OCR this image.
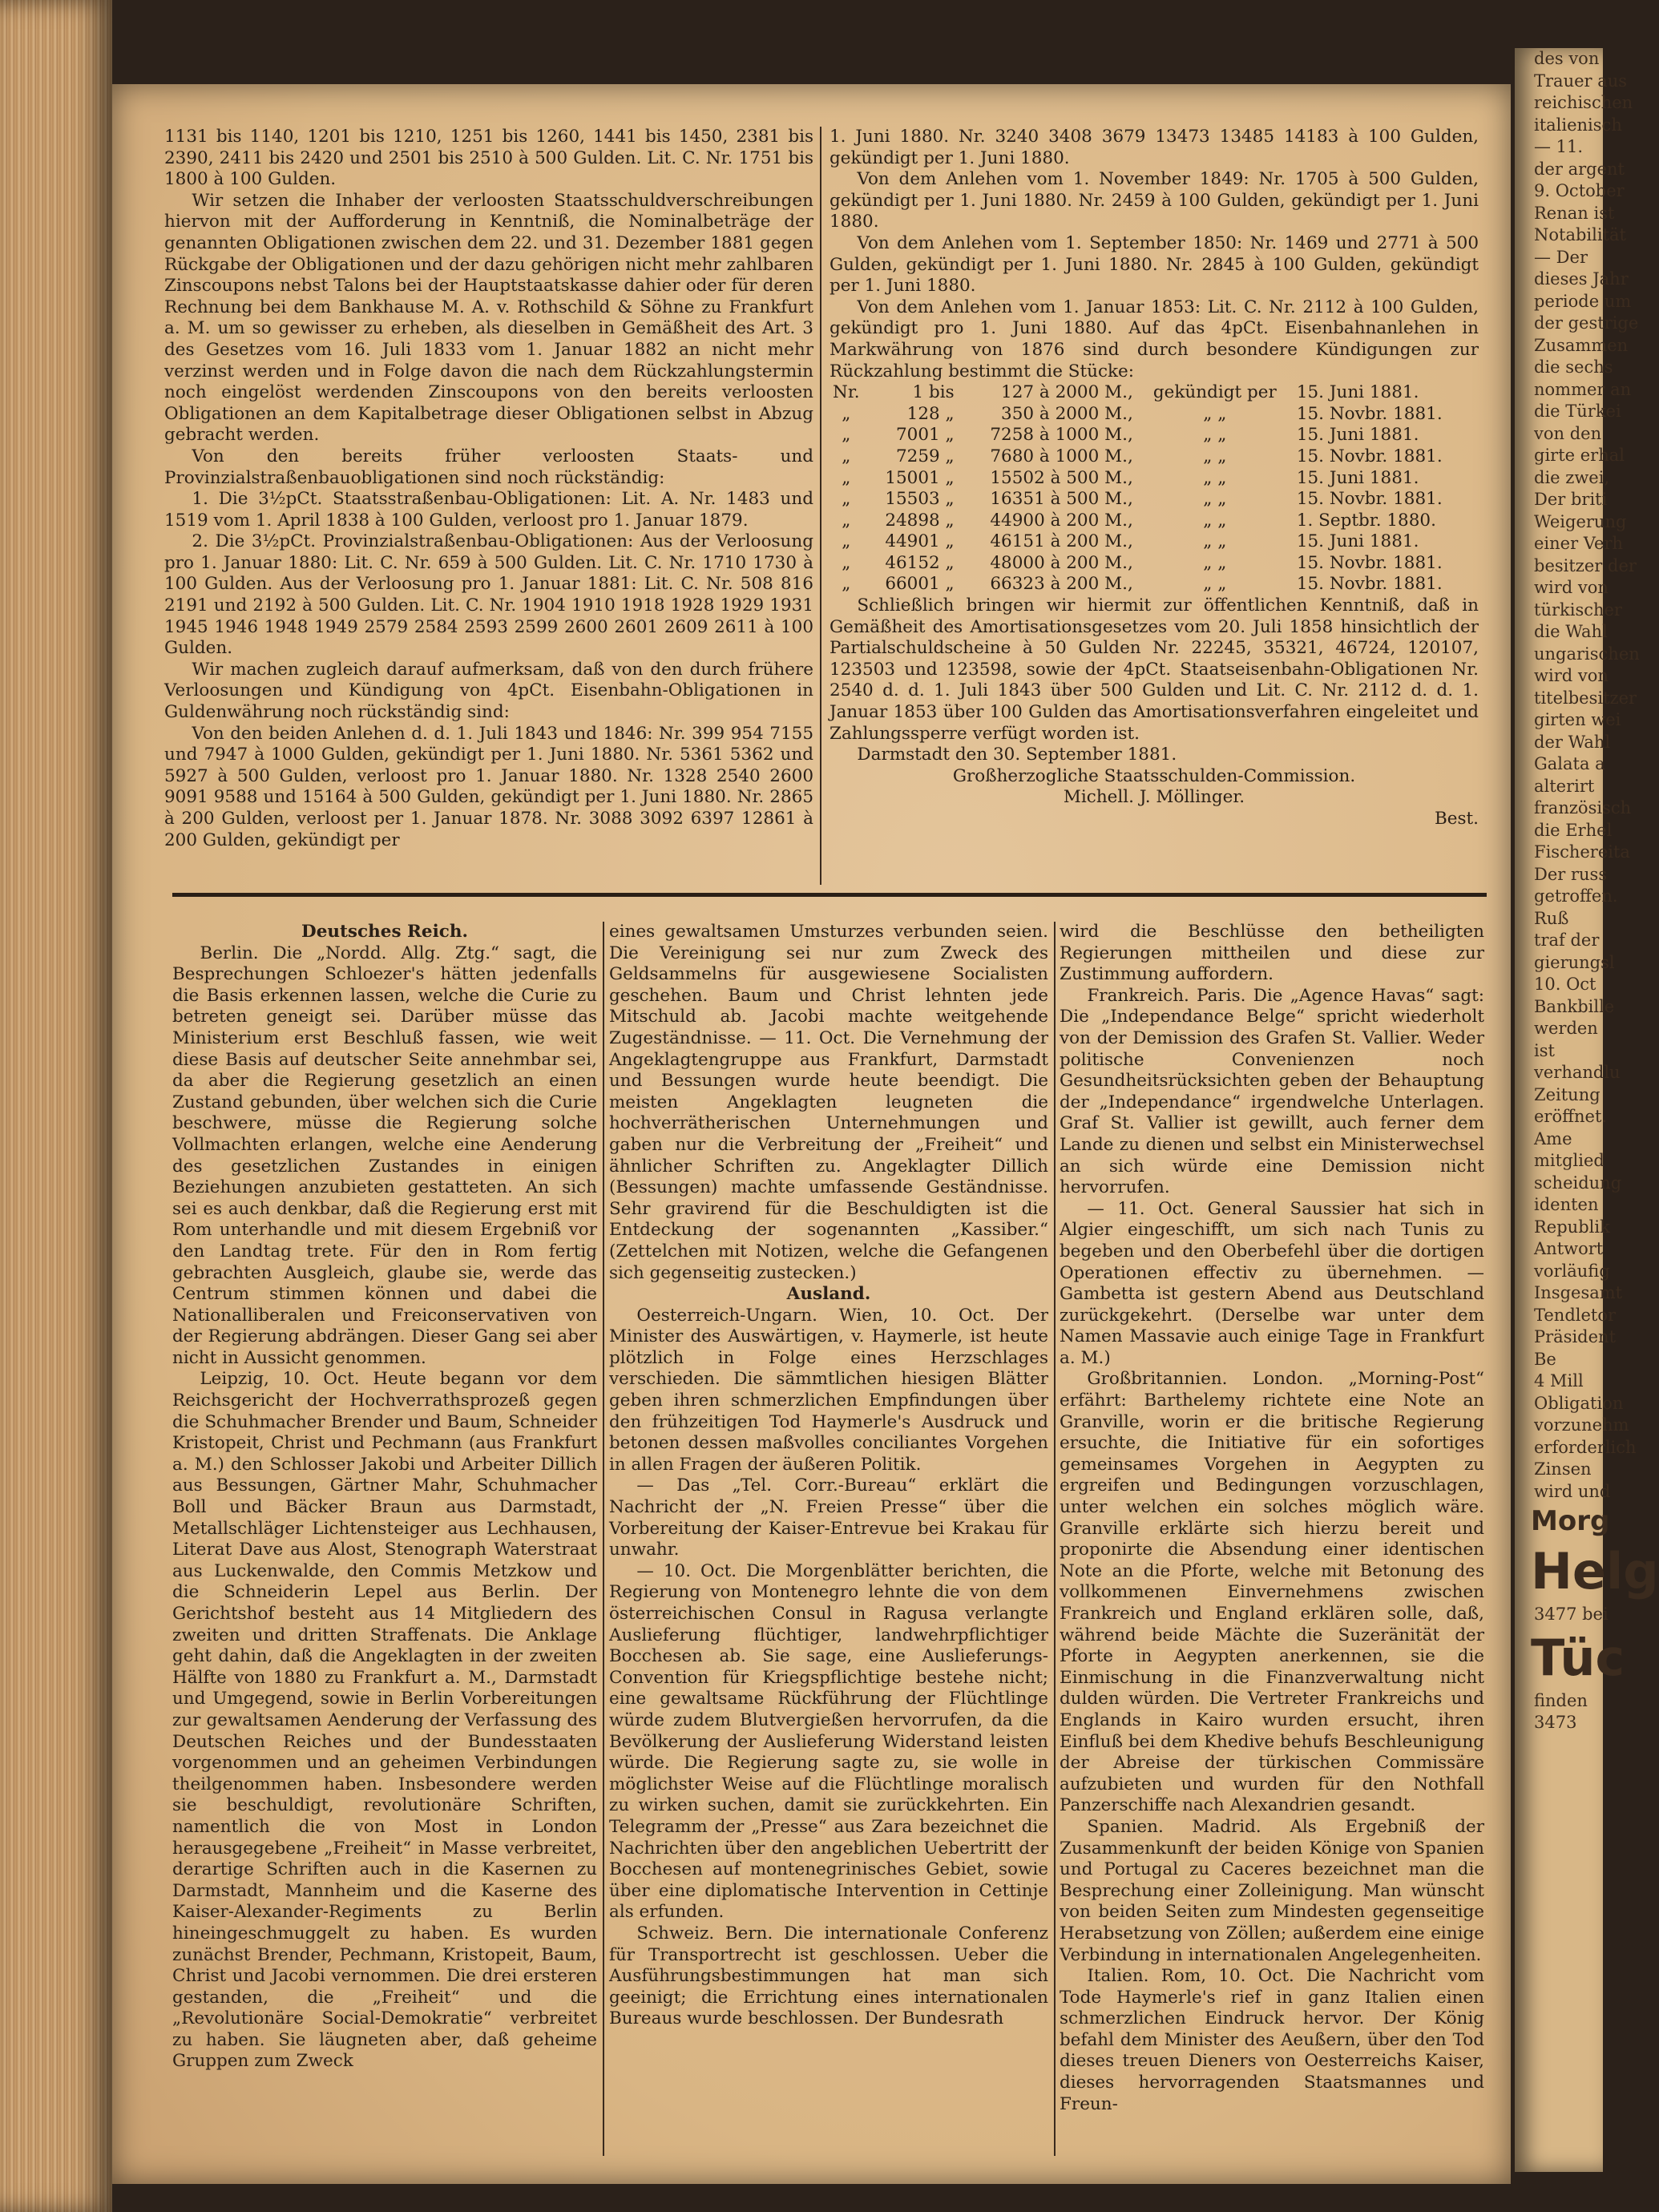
1131 bis 1140, 1201 bis 1210, 1251 bis 1260, 1441 bis 1450, 2381 bis 2390, 2411 bis 2420 und 2501 bis 2510 à 500 Gulden. Lit. C. Nr. 1751 bis 1800 à 100 Gulden.

Wir setzen die Inhaber der verloosten Staatsschuldverschreibungen hiervon mit der Aufforderung in Kenntniß, die Nominalbeträge der genannten Obligationen zwischen dem 22. und 31. Dezember 1881 gegen Rückgabe der Obligationen und der dazu gehörigen nicht mehr zahlbaren Zinscoupons nebst Talons bei der Hauptstaatskasse dahier oder für deren Rechnung bei dem Bankhause M. A. v. Rothschild & Söhne zu Frankfurt a. M. um so gewisser zu erheben, als dieselben in Gemäßheit des Art. 3 des Gesetzes vom 16. Juli 1833 vom 1. Januar 1882 an nicht mehr verzinst werden und in Folge davon die nach dem Rückzahlungstermin noch eingelöst werdenden Zinscoupons von den bereits verloosten Obligationen an dem Kapitalbetrage dieser Obligationen selbst in Abzug gebracht werden.

Von den bereits früher verloosten Staats- und Provinzialstraßenbauobligationen sind noch rückständig:

1. Die 3½pCt. Staatsstraßenbau-Obligationen: Lit. A. Nr. 1483 und 1519 vom 1. April 1838 à 100 Gulden, verloost pro 1. Januar 1879.

2. Die 3½pCt. Provinzialstraßenbau-Obligationen: Aus der Verloosung pro 1. Januar 1880: Lit. C. Nr. 659 à 500 Gulden. Lit. C. Nr. 1710 1730 à 100 Gulden. Aus der Verloosung pro 1. Januar 1881: Lit. C. Nr. 508 816 2191 und 2192 à 500 Gulden. Lit. C. Nr. 1904 1910 1918 1928 1929 1931 1945 1946 1948 1949 2579 2584 2593 2599 2600 2601 2609 2611 à 100 Gulden.

Wir machen zugleich darauf aufmerksam, daß von den durch frühere Verloosungen und Kündigung von 4pCt. Eisenbahn-Obligationen in Guldenwährung noch rückständig sind:

Von den beiden Anlehen d. d. 1. Juli 1843 und 1846: Nr. 399 954 7155 und 7947 à 1000 Gulden, gekündigt per 1. Juni 1880. Nr. 5361 5362 und 5927 à 500 Gulden, verloost pro 1. Januar 1880. Nr. 1328 2540 2600 9091 9588 und 15164 à 500 Gulden, gekündigt per 1. Juni 1880. Nr. 2865 à 200 Gulden, verloost per 1. Januar 1878. Nr. 3088 3092 6397 12861 à 200 Gulden, gekündigt per

1. Juni 1880. Nr. 3240 3408 3679 13473 13485 14183 à 100 Gulden, gekündigt per 1. Juni 1880.

Von dem Anlehen vom 1. November 1849: Nr. 1705 à 500 Gulden, gekündigt per 1. Juni 1880. Nr. 2459 à 100 Gulden, gekündigt per 1. Juni 1880.

Von dem Anlehen vom 1. September 1850: Nr. 1469 und 2771 à 500 Gulden, gekündigt per 1. Juni 1880. Nr. 2845 à 100 Gulden, gekündigt per 1. Juni 1880.

Von dem Anlehen vom 1. Januar 1853: Lit. C. Nr. 2112 à 100 Gulden, gekündigt pro 1. Juni 1880. Auf das 4pCt. Eisenbahnanlehen in Markwährung von 1876 sind durch besondere Kündigungen zur Rückzahlung bestimmt die Stücke:

Nr.	1 bis	127 à 2000 M.,	gekündigt per	15. Juni 1881.
„	128 „	350 à 2000 M.,	„ „	15. Novbr. 1881.
„	7001 „	7258 à 1000 M.,	„ „	15. Juni 1881.
„	7259 „	7680 à 1000 M.,	„ „	15. Novbr. 1881.
„	15001 „	15502 à 500 M.,	„ „	15. Juni 1881.
„	15503 „	16351 à 500 M.,	„ „	15. Novbr. 1881.
„	24898 „	44900 à 200 M.,	„ „	1. Septbr. 1880.
„	44901 „	46151 à 200 M.,	„ „	15. Juni 1881.
„	46152 „	48000 à 200 M.,	„ „	15. Novbr. 1881.
„	66001 „	66323 à 200 M.,	„ „	15. Novbr. 1881.

Schließlich bringen wir hiermit zur öffentlichen Kenntniß, daß in Gemäßheit des Amortisationsgesetzes vom 20. Juli 1858 hinsichtlich der Partialschuldscheine à 50 Gulden Nr. 22245, 35321, 46724, 120107, 123503 und 123598, sowie der 4pCt. Staatseisenbahn-Obligationen Nr. 2540 d. d. 1. Juli 1843 über 500 Gulden und Lit. C. Nr. 2112 d. d. 1. Januar 1853 über 100 Gulden das Amortisationsverfahren eingeleitet und Zahlungssperre verfügt worden ist.

Darmstadt den 30. September 1881.

Großherzogliche Staatsschulden-Commission.

Michell. J. Möllinger.

Best.

Deutsches Reich.

Berlin. Die „Nordd. Allg. Ztg.“ sagt, die Besprechungen Schloezer's hätten jedenfalls die Basis erkennen lassen, welche die Curie zu betreten geneigt sei. Darüber müsse das Ministerium erst Beschluß fassen, wie weit diese Basis auf deutscher Seite annehmbar sei, da aber die Regierung gesetzlich an einen Zustand gebunden, über welchen sich die Curie beschwere, müsse die Regierung solche Vollmachten erlangen, welche eine Aenderung des gesetzlichen Zustandes in einigen Beziehungen anzubieten gestatteten. An sich sei es auch denkbar, daß die Regierung erst mit Rom unterhandle und mit diesem Ergebniß vor den Landtag trete. Für den in Rom fertig gebrachten Ausgleich, glaube sie, werde das Centrum stimmen können und dabei die Nationalliberalen und Freiconservativen von der Regierung abdrängen. Dieser Gang sei aber nicht in Aussicht genommen.

Leipzig, 10. Oct. Heute begann vor dem Reichsgericht der Hochverrathsprozeß gegen die Schuhmacher Brender und Baum, Schneider Kristopeit, Christ und Pechmann (aus Frankfurt a. M.) den Schlosser Jakobi und Arbeiter Dillich aus Bessungen, Gärtner Mahr, Schuhmacher Boll und Bäcker Braun aus Darmstadt, Metallschläger Lichtensteiger aus Lechhausen, Literat Dave aus Alost, Stenograph Waterstraat aus Luckenwalde, den Commis Metzkow und die Schneiderin Lepel aus Berlin. Der Gerichtshof besteht aus 14 Mitgliedern des zweiten und dritten Straffenats. Die Anklage geht dahin, daß die Angeklagten in der zweiten Hälfte von 1880 zu Frankfurt a. M., Darmstadt und Umgegend, sowie in Berlin Vorbereitungen zur gewaltsamen Aenderung der Verfassung des Deutschen Reiches und der Bundesstaaten vorgenommen und an geheimen Verbindungen theilgenommen haben. Insbesondere werden sie beschuldigt, revolutionäre Schriften, namentlich die von Most in London herausgegebene „Freiheit“ in Masse verbreitet, derartige Schriften auch in die Kasernen zu Darmstadt, Mannheim und die Kaserne des Kaiser-Alexander-Regiments zu Berlin hineingeschmuggelt zu haben. Es wurden zunächst Brender, Pechmann, Kristopeit, Baum, Christ und Jacobi vernommen. Die drei ersteren gestanden, die „Freiheit“ und die „Revolutionäre Social-Demokratie“ verbreitet zu haben. Sie läugneten aber, daß geheime Gruppen zum Zweck

eines gewaltsamen Umsturzes verbunden seien. Die Vereinigung sei nur zum Zweck des Geldsammelns für ausgewiesene Socialisten geschehen. Baum und Christ lehnten jede Mitschuld ab. Jacobi machte weitgehende Zugeständnisse. — 11. Oct. Die Vernehmung der Angeklagtengruppe aus Frankfurt, Darmstadt und Bessungen wurde heute beendigt. Die meisten Angeklagten leugneten die hochverrätherischen Unternehmungen und gaben nur die Verbreitung der „Freiheit“ und ähnlicher Schriften zu. Angeklagter Dillich (Bessungen) machte umfassende Geständnisse. Sehr gravirend für die Beschuldigten ist die Entdeckung der sogenannten „Kassiber.“ (Zettelchen mit Notizen, welche die Gefangenen sich gegenseitig zustecken.)

Ausland.

Oesterreich-Ungarn. Wien, 10. Oct. Der Minister des Auswärtigen, v. Haymerle, ist heute plötzlich in Folge eines Herzschlages verschieden. Die sämmtlichen hiesigen Blätter geben ihren schmerzlichen Empfindungen über den frühzeitigen Tod Haymerle's Ausdruck und betonen dessen maßvolles conciliantes Vorgehen in allen Fragen der äußeren Politik.

— Das „Tel. Corr.-Bureau“ erklärt die Nachricht der „N. Freien Presse“ über die Vorbereitung der Kaiser-Entrevue bei Krakau für unwahr.

— 10. Oct. Die Morgenblätter berichten, die Regierung von Montenegro lehnte die von dem österreichischen Consul in Ragusa verlangte Auslieferung flüchtiger, landwehrpflichtiger Bocchesen ab. Sie sage, eine Auslieferungs-Convention für Kriegspflichtige bestehe nicht; eine gewaltsame Rückführung der Flüchtlinge würde zudem Blutvergießen hervorrufen, da die Bevölkerung der Auslieferung Widerstand leisten würde. Die Regierung sagte zu, sie wolle in möglichster Weise auf die Flüchtlinge moralisch zu wirken suchen, damit sie zurückkehrten. Ein Telegramm der „Presse“ aus Zara bezeichnet die Nachrichten über den angeblichen Uebertritt der Bocchesen auf montenegrinisches Gebiet, sowie über eine diplomatische Intervention in Cettinje als erfunden.

Schweiz. Bern. Die internationale Conferenz für Transportrecht ist geschlossen. Ueber die Ausführungsbestimmungen hat man sich geeinigt; die Errichtung eines internationalen Bureaus wurde beschlossen. Der Bundesrath

wird die Beschlüsse den betheiligten Regierungen mittheilen und diese zur Zustimmung auffordern.

Frankreich. Paris. Die „Agence Havas“ sagt: Die „Independance Belge“ spricht wiederholt von der Demission des Grafen St. Vallier. Weder politische Convenienzen noch Gesundheitsrücksichten geben der Behauptung der „Independance“ irgendwelche Unterlagen. Graf St. Vallier ist gewillt, auch ferner dem Lande zu dienen und selbst ein Ministerwechsel an sich würde eine Demission nicht hervorrufen.

— 11. Oct. General Saussier hat sich in Algier eingeschifft, um sich nach Tunis zu begeben und den Oberbefehl über die dortigen Operationen effectiv zu übernehmen. — Gambetta ist gestern Abend aus Deutschland zurückgekehrt. (Derselbe war unter dem Namen Massavie auch einige Tage in Frankfurt a. M.)

Großbritannien. London. „Morning-Post“ erfährt: Barthelemy richtete eine Note an Granville, worin er die britische Regierung ersuchte, die Initiative für ein sofortiges gemeinsames Vorgehen in Aegypten zu ergreifen und Bedingungen vorzuschlagen, unter welchen ein solches möglich wäre. Granville erklärte sich hierzu bereit und proponirte die Absendung einer identischen Note an die Pforte, welche mit Betonung des vollkommenen Einvernehmens zwischen Frankreich und England erklären solle, daß, während beide Mächte die Suzeränität der Pforte in Aegypten anerkennen, sie die Einmischung in die Finanzverwaltung nicht dulden würden. Die Vertreter Frankreichs und Englands in Kairo wurden ersucht, ihren Einfluß bei dem Khedive behufs Beschleunigung der Abreise der türkischen Commissäre aufzubieten und wurden für den Nothfall Panzerschiffe nach Alexandrien gesandt.

Spanien. Madrid. Als Ergebniß der Zusammenkunft der beiden Könige von Spanien und Portugal zu Caceres bezeichnet man die Besprechung einer Zolleinigung. Man wünscht von beiden Seiten zum Mindesten gegenseitige Herabsetzung von Zöllen; außerdem eine einige Verbindung in internationalen Angelegenheiten.

Italien. Rom, 10. Oct. Die Nachricht vom Tode Haymerle's rief in ganz Italien einen schmerzlichen Eindruck hervor. Der König befahl dem Minister des Aeußern, über den Tod dieses treuen Dieners von Oesterreichs Kaiser, dieses hervorragenden Staatsmannes und Freun-

des von

Trauer aus

reichischen

italienisch

— 11.

der argent

9. October

Renan ist

Notabilität

— Der

dieses Jahr

periode um

der gestrige

Zusammen

die sechs

nommer an

die Türkei

von den

girte erhal

die zwei,

Der briti

Weigerung

einer Verh

besitzer der

wird von

türkischer

die Wahl

ungarischen

wird von

titelbesitzer

girten wei

der Wahl

Galata a

alterirt

französisch

die Erhel

Fischereita

Der russ

getroffen.

Ruß

traf der

gierungsl

10. Oct

Bankbille

werden

ist

verhandlu

Zeitung

eröffnet.

Ame

mitglied

scheidung

identen

Republik

Antwort

vorläufig

Insgesamt

Tendletor

Präsident

Be

4 Mill

Obligation

vorzunehm

erforderlich

Zinsen

wird und

Morg

Helg

3477 bei

Tüc

finden

3473
